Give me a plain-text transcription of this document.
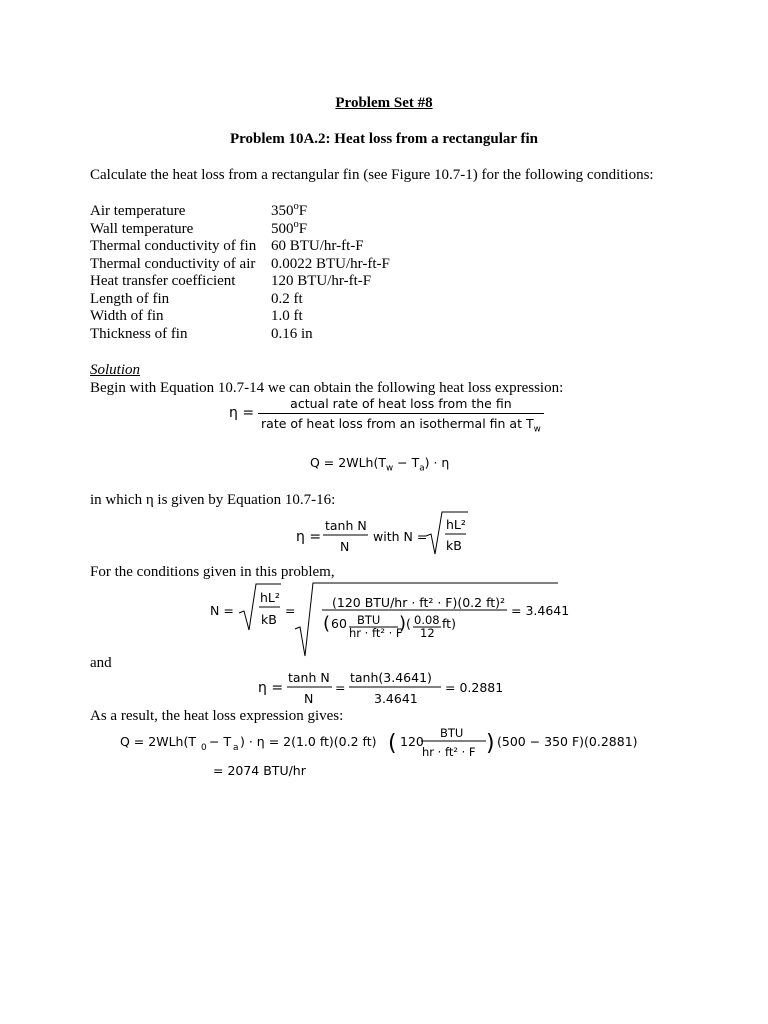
Problem Set #8
Problem 10A.2: Heat loss from a rectangular fin
Calculate the heat loss from a rectangular fin (see Figure 10.7-1) for the following conditions:
Air temperature	350$^o$F
Wall temperature	500$^o$F
Thermal conductivity of fin 60 BTU/hr-ft-F
Thermal conductivity of air 0.0022 BTU/hr-ft-F
Heat transfer coefficient 120 BTU/hr-ft-F
Length of fin	0.2 ft
Width of fin	1.0 ft
Thickness of fin	0.16 in
Solution
Begin with Equation 10.7-14 we can obtain the following heat loss expression:
$\eta = \frac{\text{actual rate of heat loss from the fin}}{rate of heat loss from an isothermal fin at T_w}$
$Q = 2WLh(T_w - T_a) \cdot \eta$
in which η is given by Equation 10.7-16:
η =
tanh N
N
with N =
hL²
kB
For the conditions given in this problem,
N =
hL²
kB
=
(120 BTU/hr · ft² · F)(0.2 ft)²
( 60 BTU
hr · ft² · F
) ( 0.08
12
ft)
= 3.4641
and
η =
tanh N
N
=
tanh⁡(3.4641)
3.4641
= 0.2881
As a result, the heat loss expression gives:
Q = 2WLh(T 0 − T a ) · η = 2(1.0 ft)(0.2 ft) ( 120
BTU
hr · ft² · F ) (500 − 350 F)(0.2881)
= 2074 BTU/hr
